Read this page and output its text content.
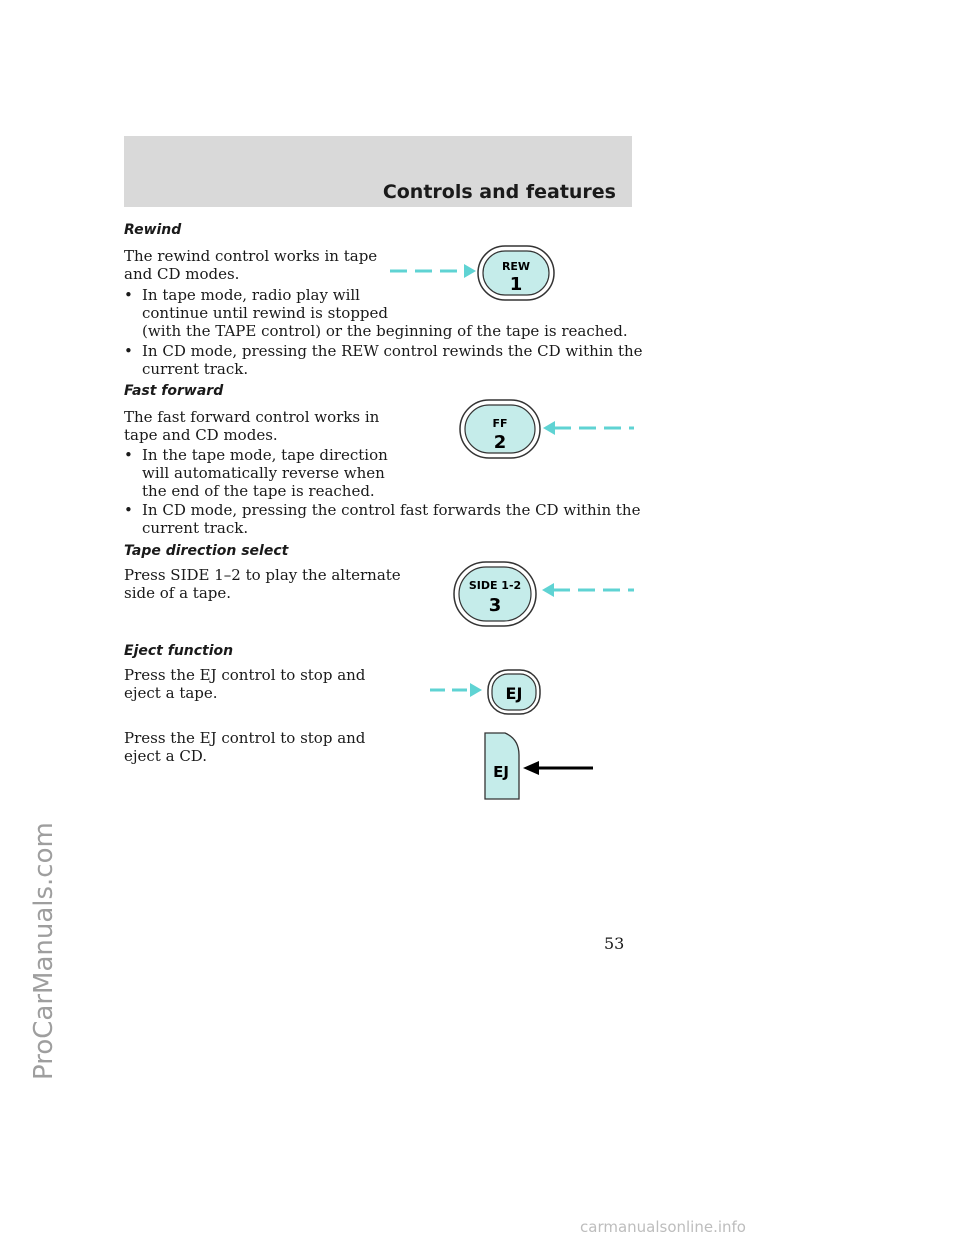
Controls and features
ProCarManuals.com
carmanualsonline.info
Rewind
The rewind control works in tape
and CD modes.
• In tape mode, radio play will
continue until rewind is stopped
(with the TAPE control) or the beginning of the tape is reached.
• In CD mode, pressing the REW control rewinds the CD within the
current track.
REW
1
Fast forward
The fast forward control works in
tape and CD modes.
• In the tape mode, tape direction
will automatically reverse when
the end of the tape is reached.
• In CD mode, pressing the control fast forwards the CD within the
current track.
FF
2
Tape direction select
Press SIDE 1–2 to play the alternate
side of a tape.	SIDE 1-2
3
Eject function
Press the EJ control to stop and
eject a tape.	EJ
Press the EJ control to stop and
eject a CD.
EJ
53
